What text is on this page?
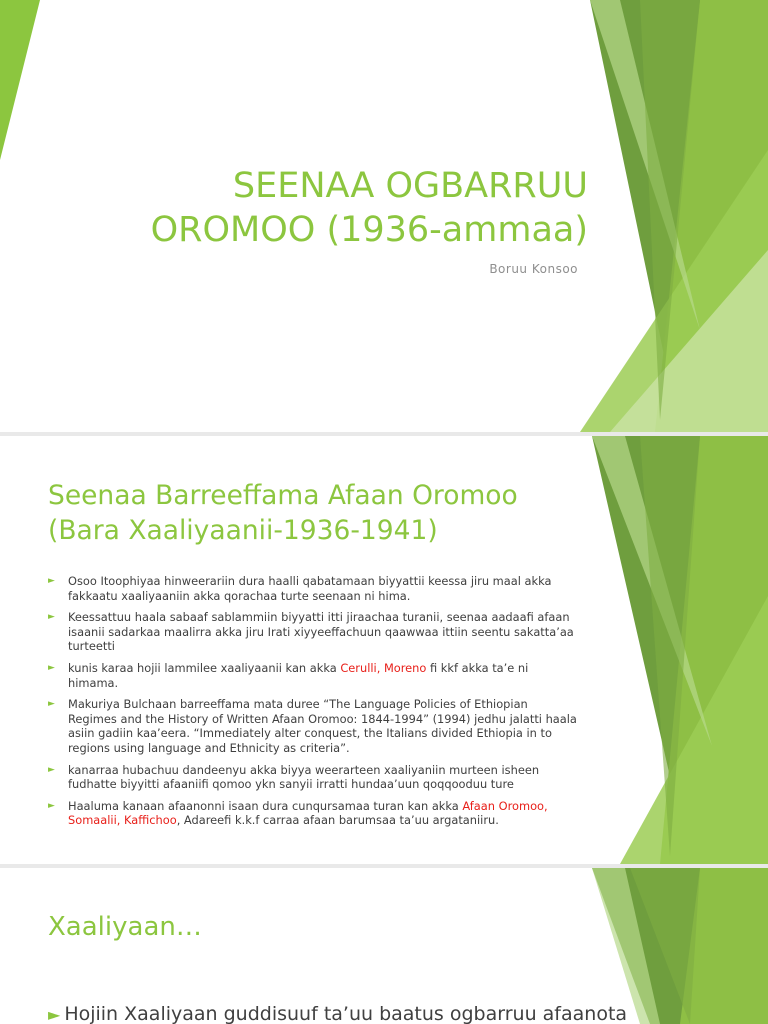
SEENAA OGBARRUU
OROMOO (1936-ammaa)
Boruu Konsoo
Seenaa Barreeffama Afaan Oromoo
(Bara Xaaliyaanii-1936-1941)
► Osoo Itoophiyaa hinweerariin dura haalli qabatamaan biyyattii keessa jiru maal akka fakkaatu xaaliyaaniin akka qorachaa turte seenaan ni hima.
► Keessattuu haala sabaaf sablammiin biyyatti itti jiraachaa turanii, seenaa aadaafi afaan isaanii sadarkaa maalirra akka jiru Irati xiyyeeffachuun qaawwaa ittiin seentu sakatta’aa turteetti
► kunis karaa hojii lammilee xaaliyaanii kan akka Cerulli, Moreno fi kkf akka ta’e ni himama.
► Makuriya Bulchaan barreeffama mata duree “The Language Policies of Ethiopian Regimes and the History of Written Afaan Oromoo: 1844-1994” (1994) jedhu jalatti haala asiin gadiin kaa’eera. “Immediately alter conquest, the Italians divided Ethiopia in to regions using language and Ethnicity as criteria”.
► kanarraa hubachuu dandeenyu akka biyya weerarteen xaaliyaniin murteen isheen fudhatte biyyitti afaaniifi qomoo ykn sanyii irratti hundaa’uun qoqqooduu ture
► Haaluma kanaan afaanonni isaan dura cunqursamaa turan kan akka Afaan Oromoo, Somaalii, Kaffichoo, Adareefi k.k.f carraa afaan barumsaa ta’uu argataniiru.
Xaaliyaan…
► Hojiin Xaaliyaan guddisuuf ta’uu baatus ogbarruu afaanota
